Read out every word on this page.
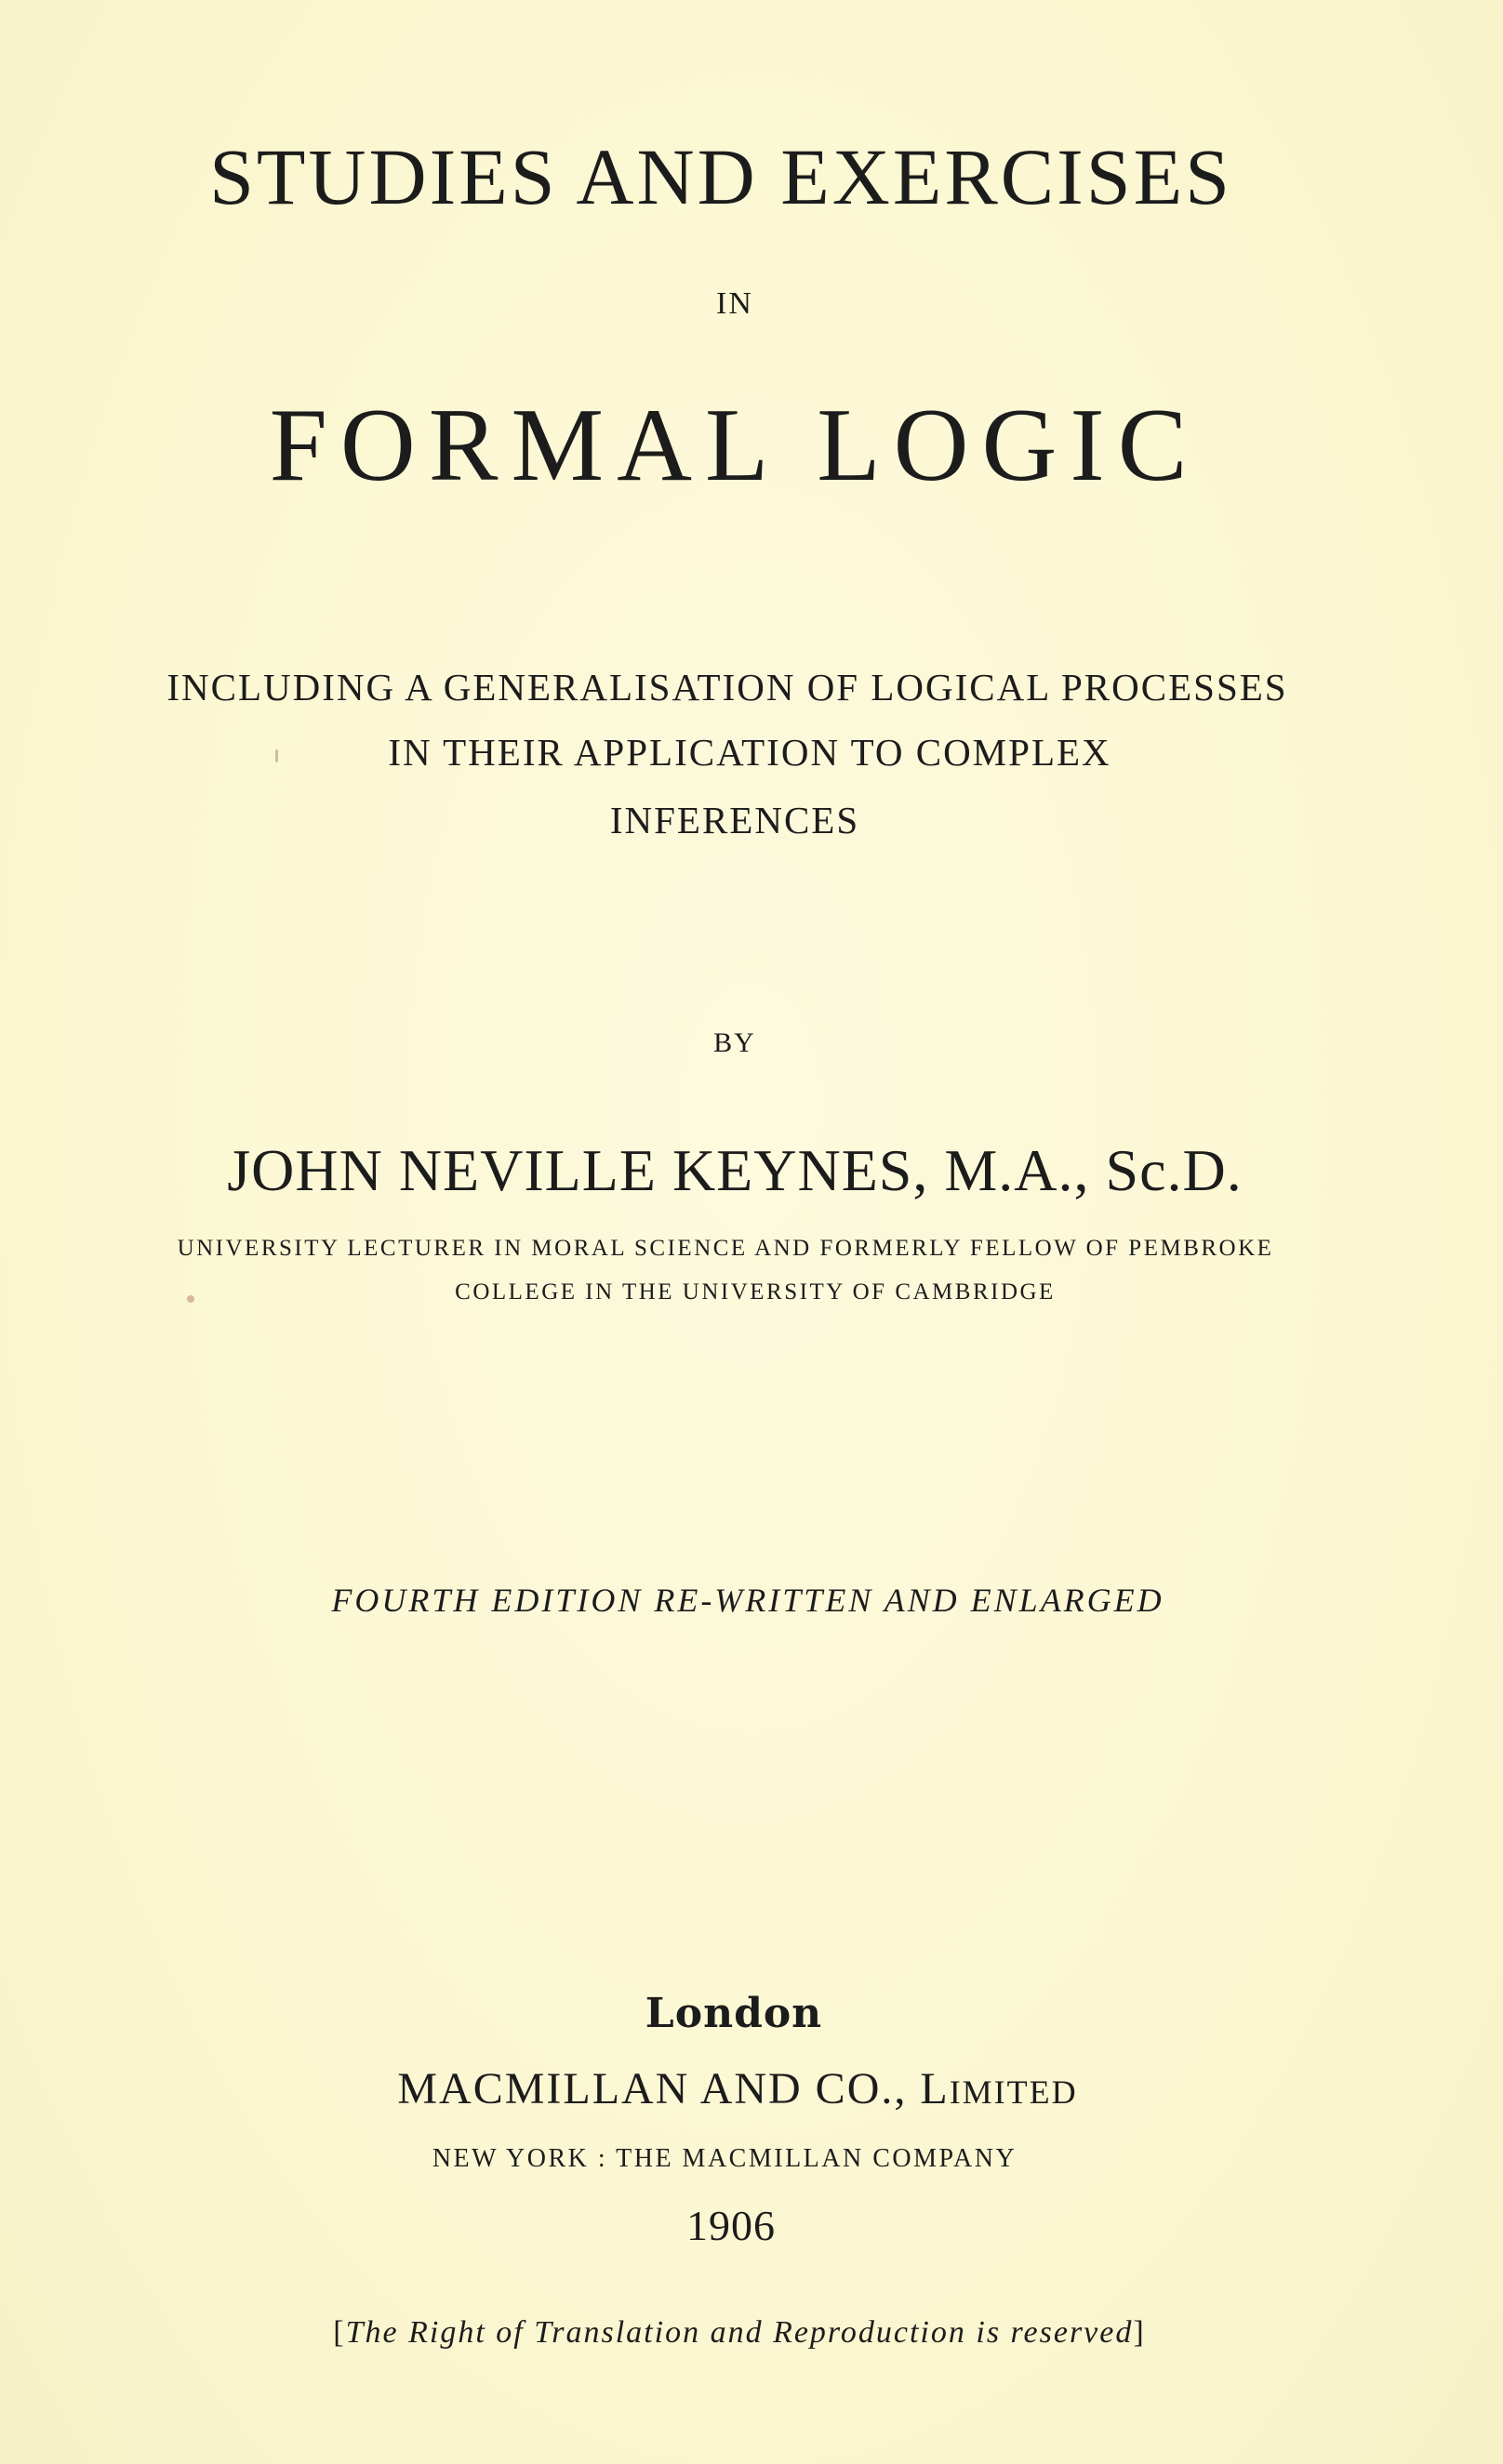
STUDIES AND EXERCISES
IN
FORMAL LOGIC
INCLUDING A GENERALISATION OF LOGICAL PROCESSES
IN THEIR APPLICATION TO COMPLEX
INFERENCES
BY
JOHN NEVILLE KEYNES, M.A., Sc.D.
UNIVERSITY LECTURER IN MORAL SCIENCE AND FORMERLY FELLOW OF PEMBROKE
COLLEGE IN THE UNIVERSITY OF CAMBRIDGE
FOURTH EDITION RE-WRITTEN AND ENLARGED
London
MACMILLAN AND CO., LIMITED
NEW YORK : THE MACMILLAN COMPANY
1906
[The Right of Translation and Reproduction is reserved]
